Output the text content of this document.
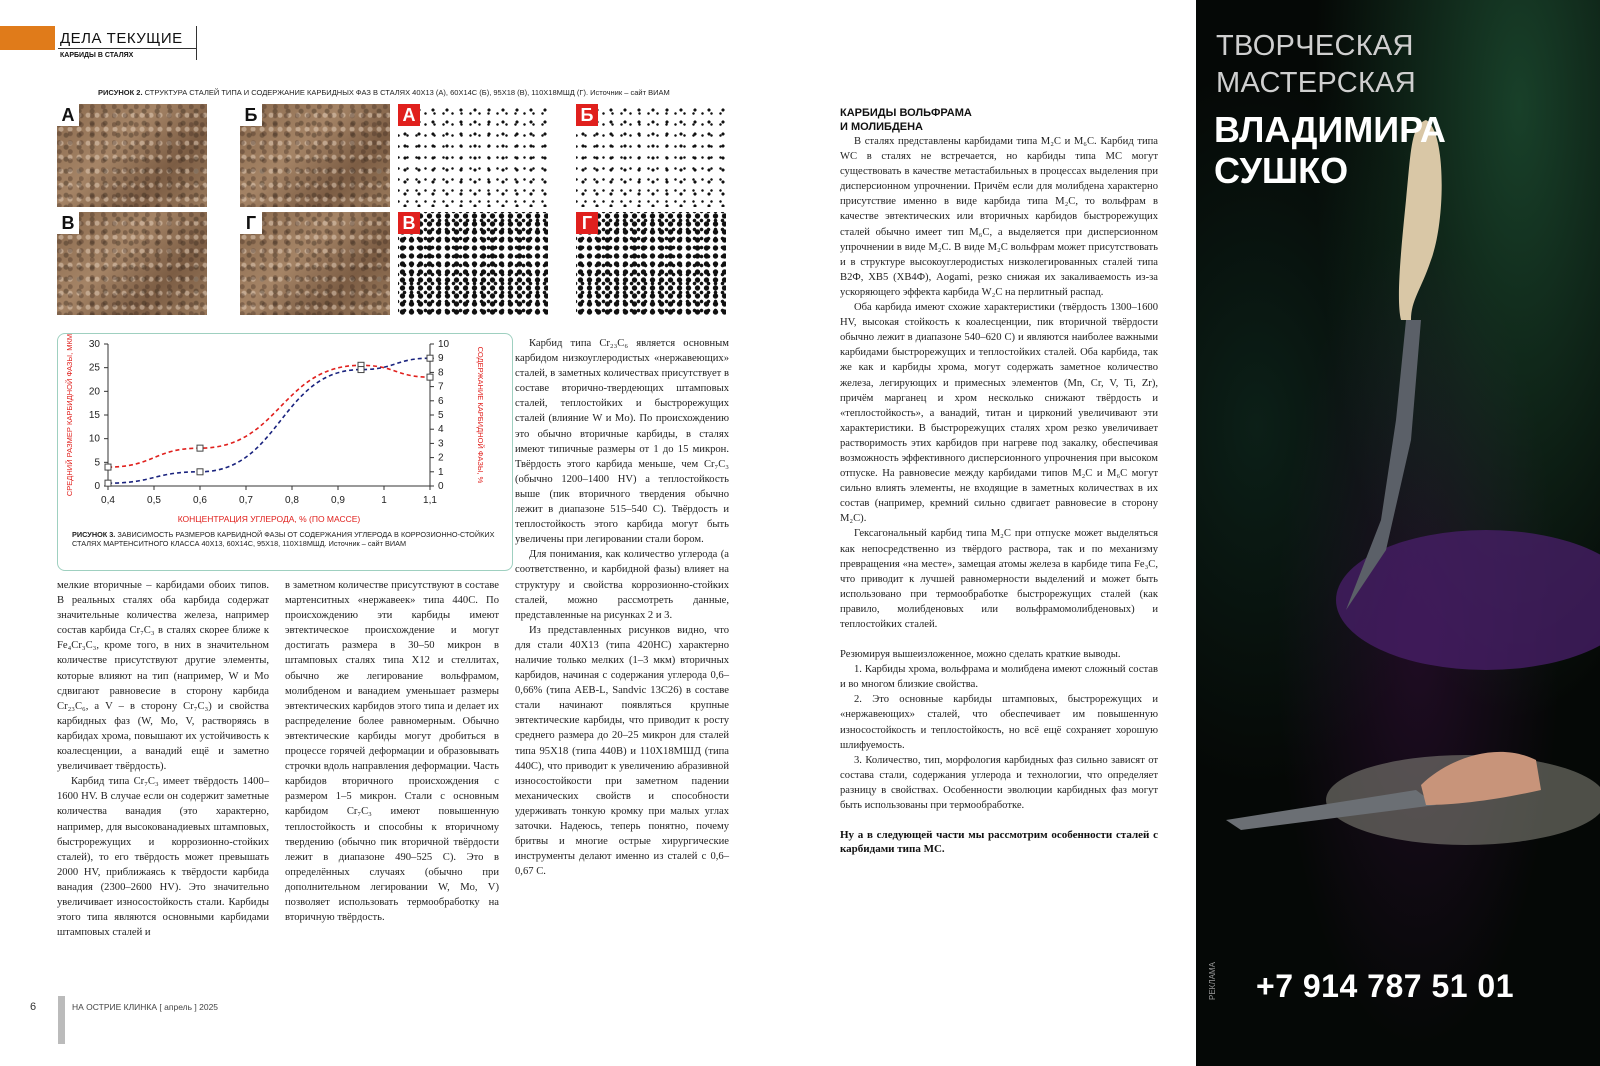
ДЕЛА ТЕКУЩИЕ
КАРБИДЫ В СТАЛЯХ
РИСУНОК 2. СТРУКТУРА СТАЛЕЙ ТИПА И СОДЕРЖАНИЕ КАРБИДНЫХ ФАЗ В СТАЛЯХ 40Х13 (А), 60Х14С (Б), 95Х18 (В), 110Х18МШД (Г). Источник – сайт ВИАМ
А	Б	А	Б
В	Г	В	Г
0
5
10
15
20
25
30
0
1
2
3
4
5
6
7
8
9
10
0,4	0,5	0,6	0,7	0,8	0,9	1	1,1
КОНЦЕНТРАЦИЯ УГЛЕРОДА, % (ПО МАССЕ)
СРЕДНИЙ РАЗМЕР КАРБИДНОЙ ФАЗЫ, МКМ	СОДЕРЖАНИЕ КАРБИДНОЙ ФАЗЫ, %
РИСУНОК 3. ЗАВИСИМОСТЬ РАЗМЕРОВ КАРБИДНОЙ ФАЗЫ ОТ СОДЕРЖАНИЯ УГЛЕРОДА В КОРРОЗИОННО-СТОЙКИХ СТАЛЯХ МАРТЕНСИТНОГО КЛАССА 40Х13, 60Х14С, 95Х18, 110Х18МШД. Источник – сайт ВИАМ

мелкие вторичные – карбидами обоих типов. В реальных сталях оба карбида содержат значительные количества железа, например состав карбида Cr₇C₃ в сталях скорее ближе к Fe₄Cr₃C₃, кроме того, в них в значительном количестве присутствуют другие элементы, которые влияют на тип (например, W и Mo сдвигают равновесие в сторону карбида Cr₂₃C₆, а V – в сторону Cr₇C₃) и свойства карбидных фаз (W, Mo, V, растворяясь в карбидах хрома, повышают их устойчивость к коалесценции, а ванадий ещё и заметно увеличивает твёрдость).

Карбид типа Cr₇C₃ имеет твёрдость 1400–1600 HV. В случае если он содержит заметные количества ванадия (это характерно, например, для высокованадиевых штамповых, быстрорежущих и коррозионно-стойких сталей), то его твёрдость может превышать 2000 HV, приближаясь к твёрдости карбида ванадия (2300–2600 HV). Это значительно увеличивает износостойкость стали. Карбиды этого типа являются основными карбидами штамповых сталей и

в заметном количестве присутствуют в составе мартенситных «нержавеек» типа 440С. По происхождению эти карбиды имеют эвтектическое происхождение и могут достигать размера в 30–50 микрон в штамповых сталях типа Х12 и стеллитах, обычно же легирование вольфрамом, молибденом и ванадием уменьшает размеры эвтектических карбидов этого типа и делает их распределение более равномерным. Обычно эвтектические карбиды могут дробиться в процессе горячей деформации и образовывать строчки вдоль направления деформации. Часть карбидов вторичного происхождения с размером 1–5 микрон. Стали с основным карбидом Cr₇C₃ имеют повышенную теплостойкость и способны к вторичному твердению (обычно пик вторичной твёрдости лежит в диапазоне 490–525 С). Это в определённых случаях (обычно при дополнительном легировании W, Mo, V) позволяет использовать термообработку на вторичную твёрдость.

Карбид типа Cr₂₃C₆ является основным карбидом низкоуглеродистых «нержавеющих» сталей, в заметных количествах присутствует в составе вторично-твердеющих штамповых сталей, теплостойких и быстрорежущих сталей (влияние W и Mo). По происхождению это обычно вторичные карбиды, в сталях имеют типичные размеры от 1 до 15 микрон. Твёрдость этого карбида меньше, чем Cr₇C₃ (обычно 1200–1400 HV) а теплостойкость выше (пик вторичного твердения обычно лежит в диапазоне 515–540 С). Твёрдость и теплостойкость этого карбида могут быть увеличены при легировании стали бором.

Для понимания, как количество углерода (а соответственно, и карбидной фазы) влияет на структуру и свойства коррозионно-стойких сталей, можно рассмотреть данные, представленные на рисунках 2 и 3.

Из представленных рисунков видно, что для стали 40Х13 (типа 420НС) характерно наличие только мелких (1–3 мкм) вторичных карбидов, начиная с содержания углерода 0,6–0,66% (типа AEB-L, Sandvic 13C26) в составе стали начинают появляться крупные эвтектические карбиды, что приводит к росту среднего размера до 20–25 микрон для сталей типа 95Х18 (типа 440В) и 110Х18МШД (типа 440С), что приводит к увеличению абразивной износостойкости при заметном падении механических свойств и способности удерживать тонкую кромку при малых углах заточки. Надеюсь, теперь понятно, почему бритвы и многие острые хирургические инструменты делают именно из сталей с 0,6–0,67 С.

КАРБИДЫ ВОЛЬФРАМА
И МОЛИБДЕНА

В сталях представлены карбидами типа M₂C и M₆C. Карбид типа WC в сталях не встречается, но карбиды типа MC могут существовать в качестве метастабильных в процессах выделения при дисперсионном упрочнении. Причём если для молибдена характерно присутствие именно в виде карбида типа M₂C, то вольфрам в качестве эвтектических или вторичных карбидов быстрорежущих сталей обычно имеет тип M₆C, а выделяется при дисперсионном упрочнении в виде M₂C. В виде M₂C вольфрам может присутствовать и в структуре высокоуглеродистых низколегированных сталей типа В2Ф, ХВ5 (ХВ4Ф), Aogami, резко снижая их закаливаемость из-за ускоряющего эффекта карбида W₂C на перлитный распад.

Оба карбида имеют схожие характеристики (твёрдость 1300–1600 HV, высокая стойкость к коалесценции, пик вторичной твёрдости обычно лежит в диапазоне 540–620 С) и являются наиболее важными карбидами быстрорежущих и теплостойких сталей. Оба карбида, так же как и карбиды хрома, могут содержать заметное количество железа, легирующих и примесных элементов (Mn, Cr, V, Ti, Zr), причём марганец и хром несколько снижают твёрдость и «теплостойкость», а ванадий, титан и цирконий увеличивают эти характеристики. В быстрорежущих сталях хром резко увеличивает растворимость этих карбидов при нагреве под закалку, обеспечивая возможность эффективного дисперсионного упрочнения при высоком отпуске. На равновесие между карбидами типов M₂C и M₆C могут сильно влиять элементы, не входящие в заметных количествах в их состав (например, кремний сильно сдвигает равновесие в сторону M₂C).

Гексагональный карбид типа M₂C при отпуске может выделяться как непосредственно из твёрдого раствора, так и по механизму превращения «на месте», замещая атомы железа в карбиде типа Fe₃C, что приводит к лучшей равномерности выделений и может быть использовано при термообработке быстрорежущих сталей (как правило, молибденовых или вольфрамомолибденовых) и теплостойких сталей.

Резюмируя вышеизложенное, можно сделать краткие выводы.

1. Карбиды хрома, вольфрама и молибдена имеют сложный состав и во многом близкие свойства.

2. Это основные карбиды штамповых, быстрорежущих и «нержавеющих» сталей, что обеспечивает им повышенную износостойкость и теплостойкость, но всё ещё сохраняет хорошую шлифуемость.

3. Количество, тип, морфология карбидных фаз сильно зависят от состава стали, содержания углерода и технологии, что определяет разницу в свойствах. Особенности эволюции карбидных фаз могут быть использованы при термообработке.

Ну а в следующей части мы рассмотрим особенности сталей с карбидами типа МС.

6	НА ОСТРИЕ КЛИНКА [ апрель ] 2025
ТВОРЧЕСКАЯ
МАСТЕРСКАЯ
ВЛАДИМИРА
СУШКО
+7 914 787 51 01
РЕКЛАМА
